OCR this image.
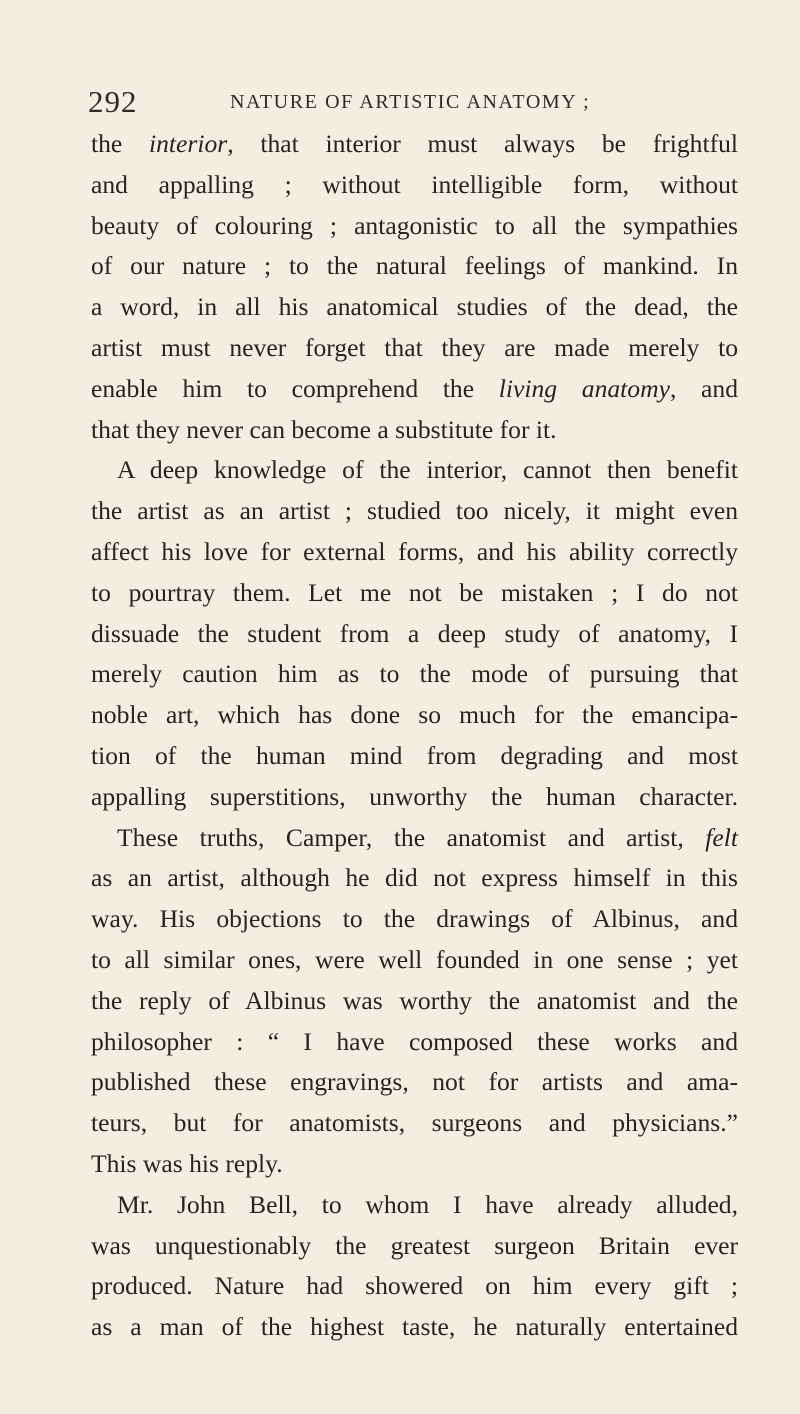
292	NATURE OF ARTISTIC ANATOMY ;
the interior, that interior must always be frightful
and appalling ; without intelligible form, without
beauty of colouring ; antagonistic to all the sympathies
of our nature ; to the natural feelings of mankind. In
a word, in all his anatomical studies of the dead, the
artist must never forget that they are made merely to
enable him to comprehend the living anatomy, and
that they never can become a substitute for it.
A deep knowledge of the interior, cannot then benefit
the artist as an artist ; studied too nicely, it might even
affect his love for external forms, and his ability correctly
to pourtray them. Let me not be mistaken ; I do not
dissuade the student from a deep study of anatomy, I
merely caution him as to the mode of pursuing that
noble art, which has done so much for the emancipa-
tion of the human mind from degrading and most
appalling superstitions, unworthy the human character.
These truths, Camper, the anatomist and artist, felt
as an artist, although he did not express himself in this
way. His objections to the drawings of Albinus, and
to all similar ones, were well founded in one sense ; yet
the reply of Albinus was worthy the anatomist and the
philosopher : “ I have composed these works and
published these engravings, not for artists and ama-
teurs, but for anatomists, surgeons and physicians.”
This was his reply.
Mr. John Bell, to whom I have already alluded,
was unquestionably the greatest surgeon Britain ever
produced. Nature had showered on him every gift ;
as a man of the highest taste, he naturally entertained
